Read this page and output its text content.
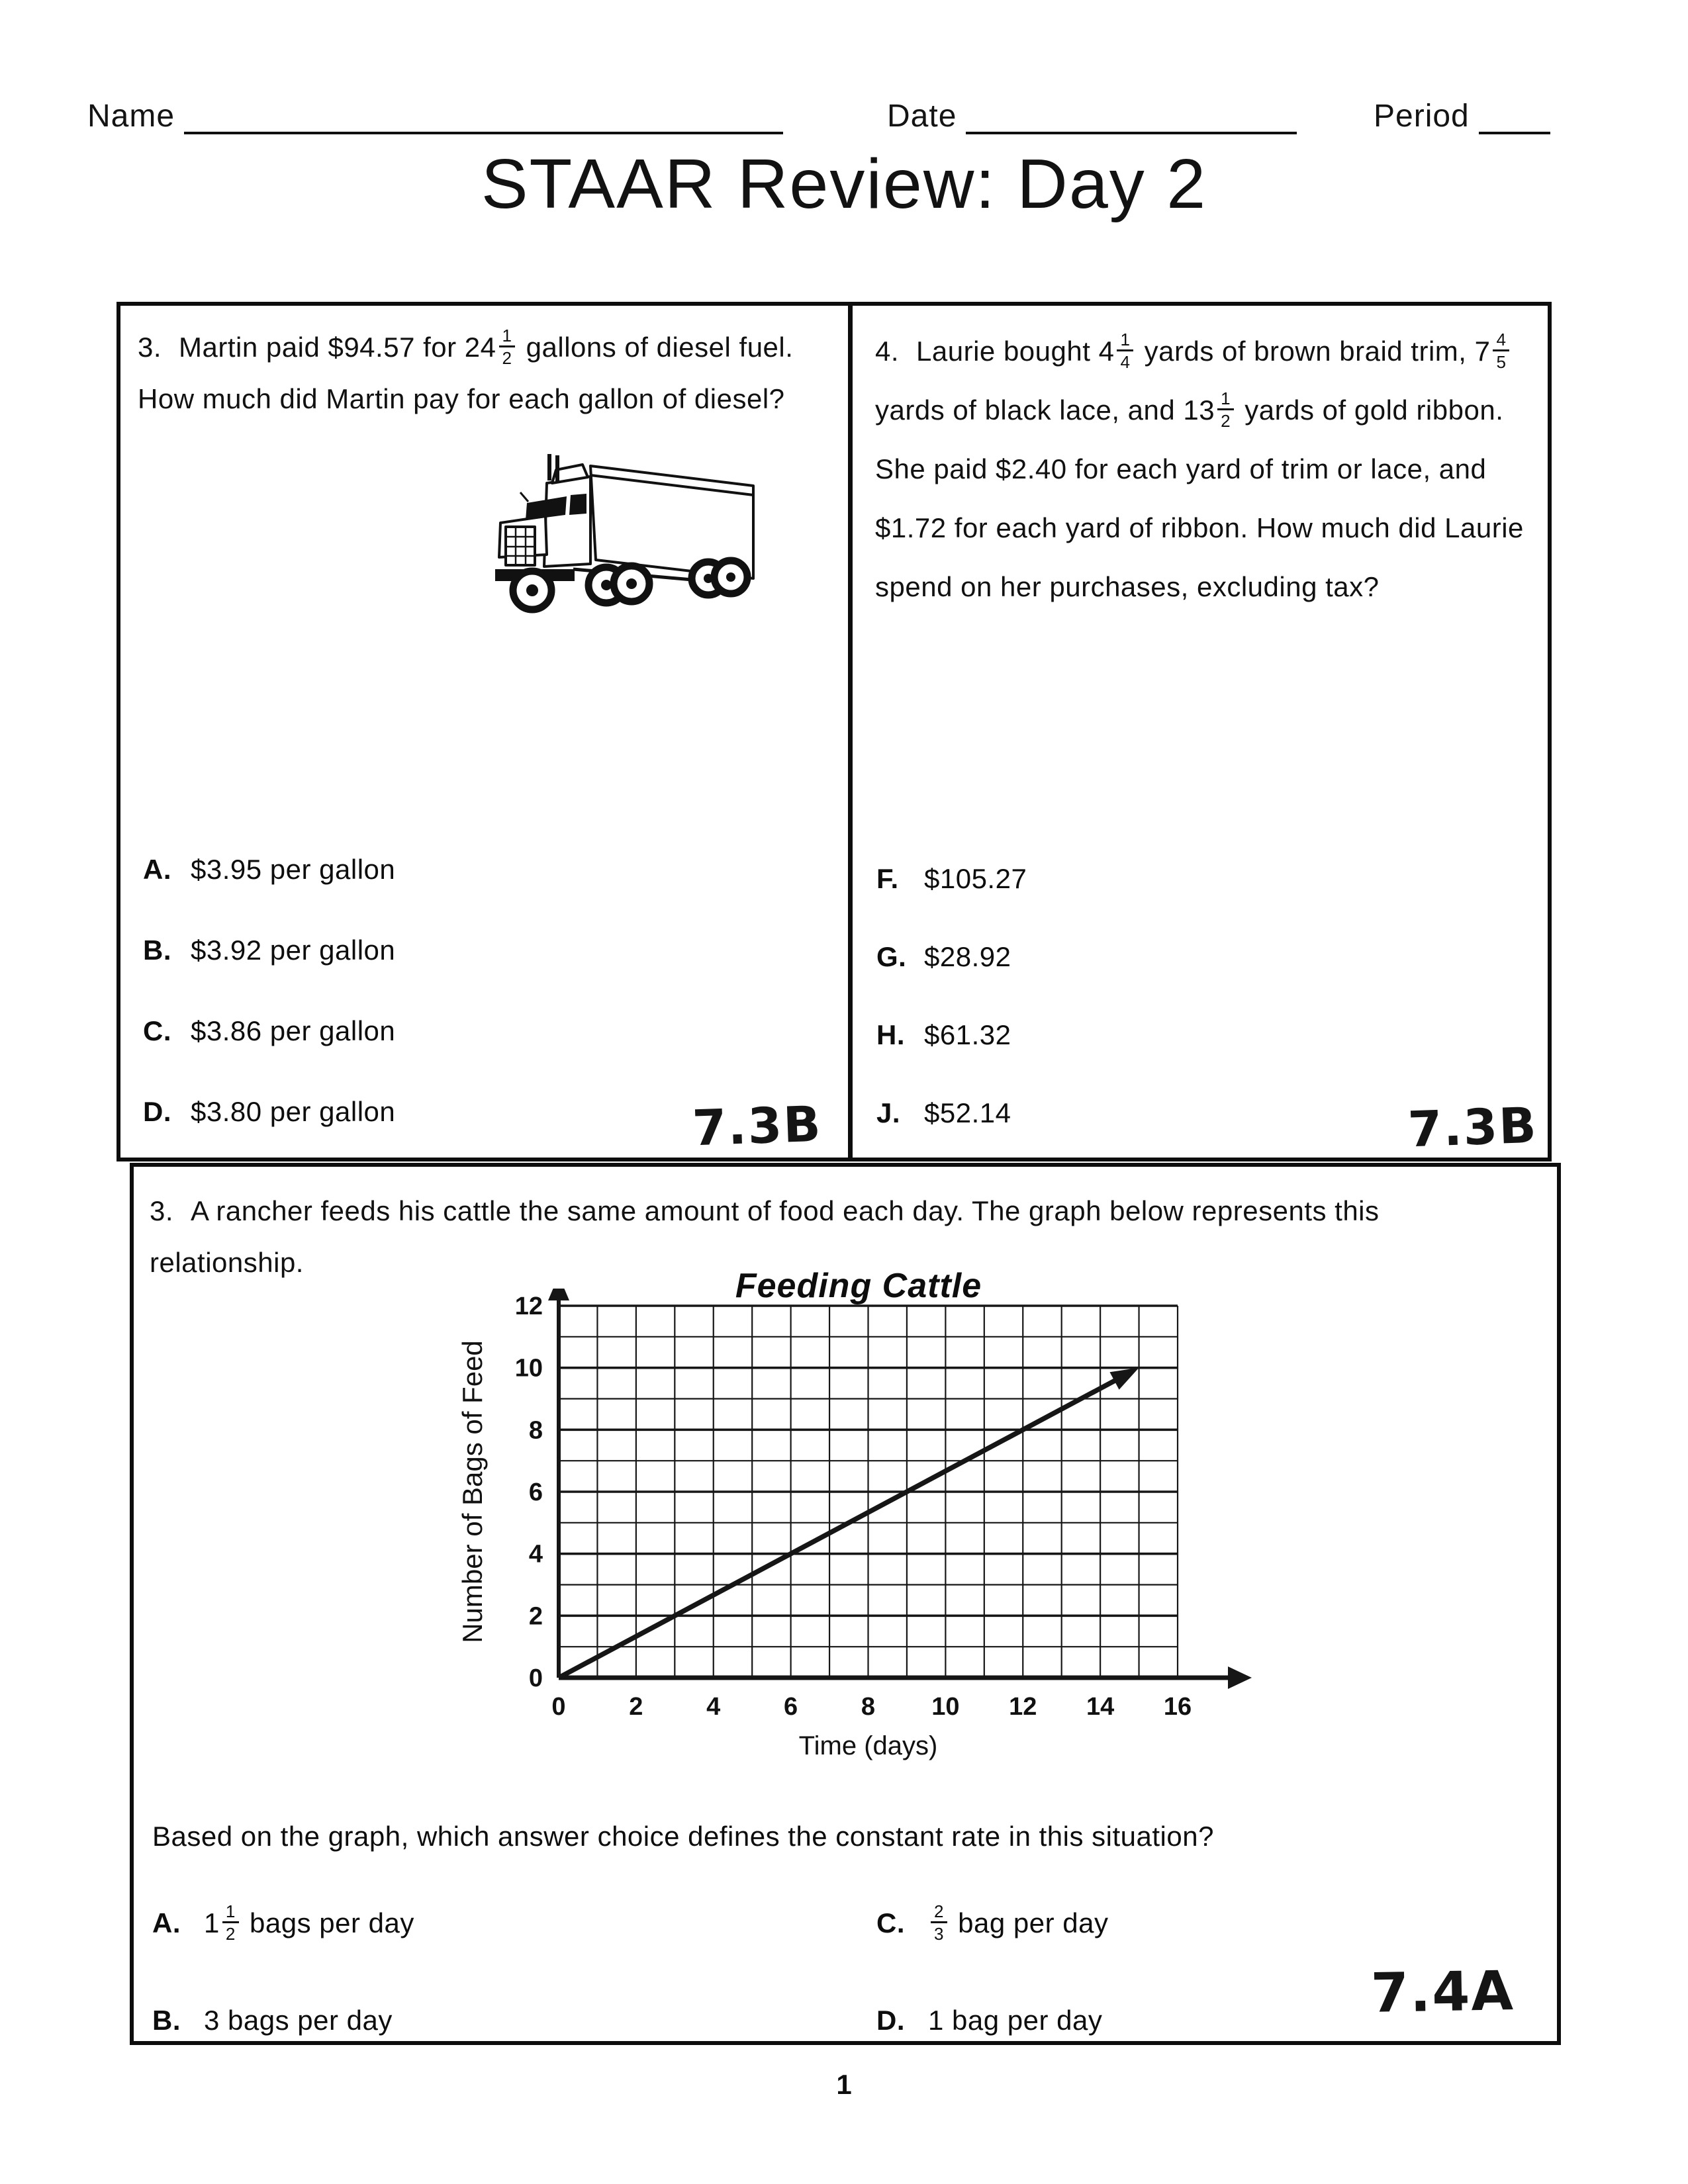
Name	Date	Period
STAAR Review: Day 2

3. Martin paid $94.57 for $24 \frac{1}{2}$ gallons of diesel fuel. How much did Martin pay for each gallon of diesel?

A. $3.95 per gallon
B. $3.92 per gallon
C. $3.86 per gallon
D. $3.80 per gallon	7.3B

4. Laurie bought $4 \frac{1}{4}$ yards of brown braid trim, $7 \frac{4}{5}$
yards of black lace, and $13 \frac{1}{2}$ yards of gold ribbon. She paid $2.40 for each yard of trim or lace, and $1.72 for each yard of ribbon. How much did Laurie spend on her purchases, excluding tax?

F. $105.27
G. $28.92
H. $61.32
J. $52.14	7.3B

3. A rancher feeds his cattle the same amount of food each day. The graph below represents this relationship.

Feeding Cattle
0	2	4	6	8 10 12 14 16
0
2
4
6
8
10
12
Time (days)
Number of Bags of Feed
Based on the graph, which answer choice defines the constant rate in this situation?
A. $1 \frac{1}{2}$ bags per day	C. $\frac{2}{3}$ bag per day
B. 3 bags per day	D. 1 bag per day	7.4A
1
